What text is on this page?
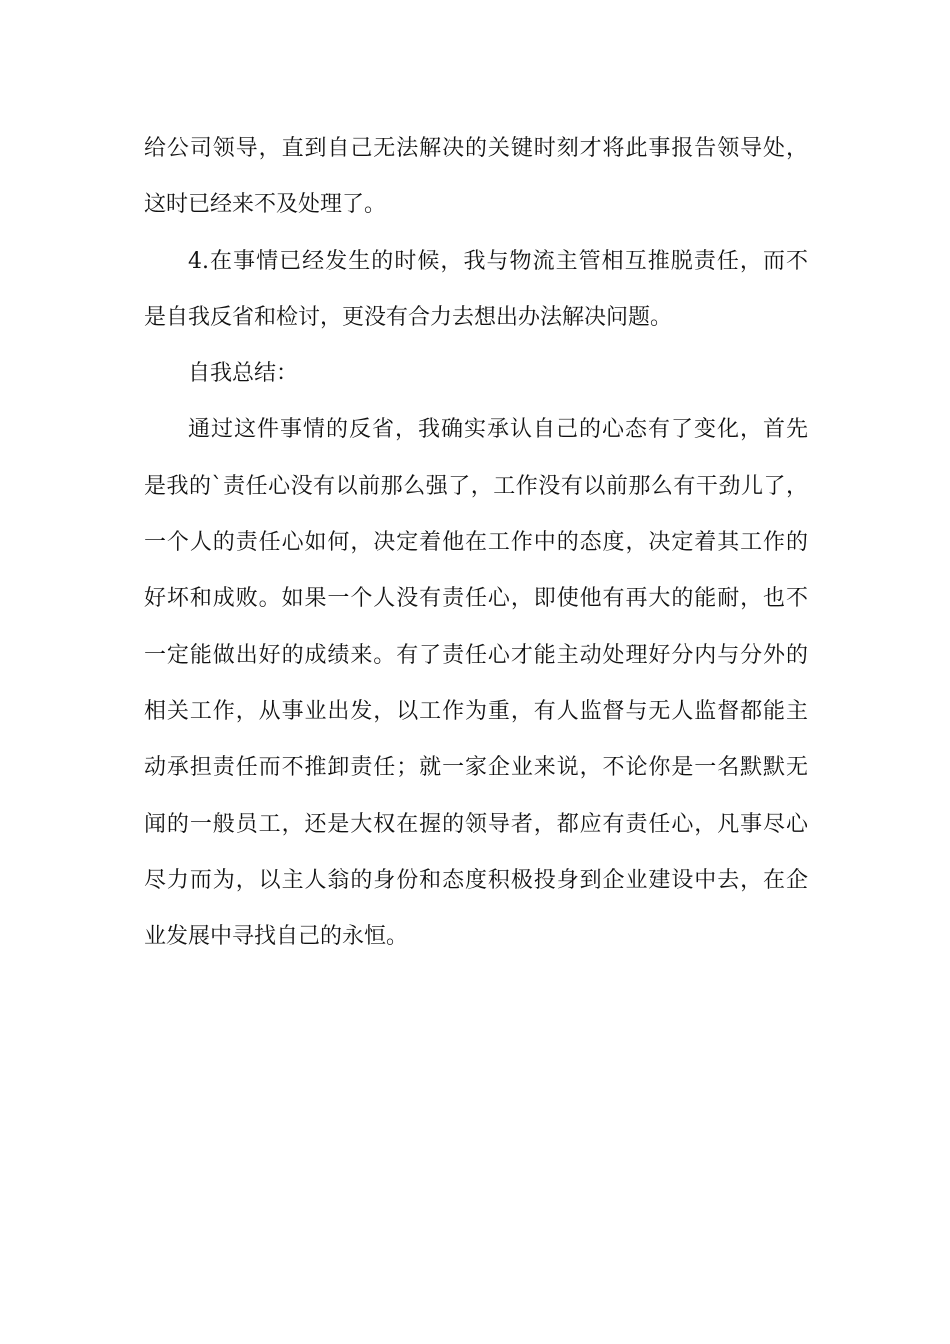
给公司领导，直到自己无法解决的关键时刻才将此事报告领导处，

这时已经来不及处理了。

4.在事情已经发生的时候，我与物流主管相互推脱责任，而不

是自我反省和检讨，更没有合力去想出办法解决问题。

自我总结：

通过这件事情的反省，我确实承认自己的心态有了变化，首先

是我的`责任心没有以前那么强了，工作没有以前那么有干劲儿了，

一个人的责任心如何，决定着他在工作中的态度，决定着其工作的

好坏和成败。如果一个人没有责任心，即使他有再大的能耐，也不

一定能做出好的成绩来。有了责任心才能主动处理好分内与分外的

相关工作，从事业出发，以工作为重，有人监督与无人监督都能主

动承担责任而不推卸责任；就一家企业来说，不论你是一名默默无

闻的一般员工，还是大权在握的领导者，都应有责任心，凡事尽心

尽力而为，以主人翁的身份和态度积极投身到企业建设中去，在企

业发展中寻找自己的永恒。
